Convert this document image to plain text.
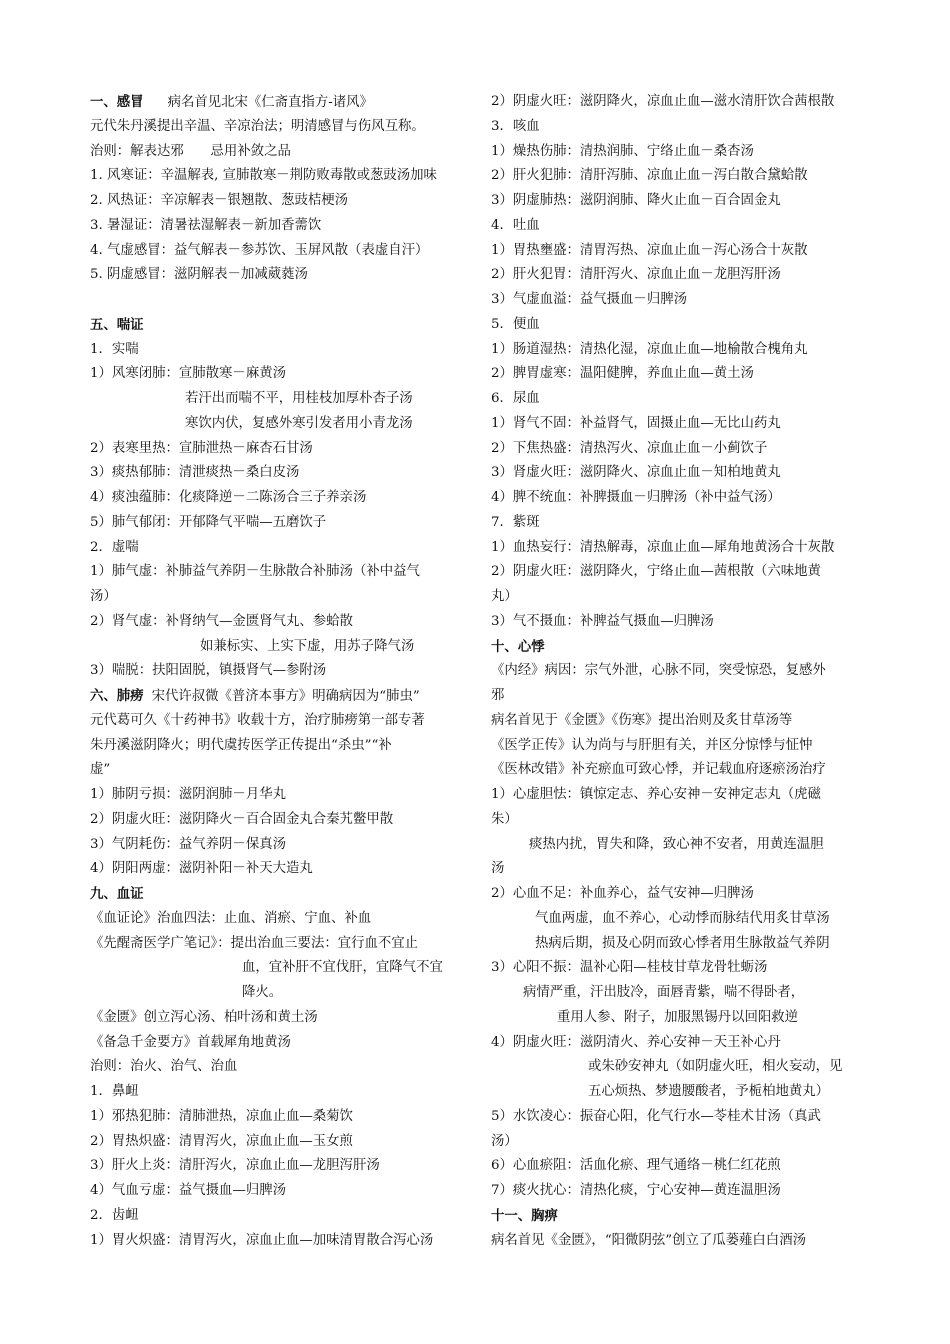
一、感冒 病名首见北宋《仁斋直指方-诸风》
元代朱丹溪提出辛温、辛凉治法；明清感冒与伤风互称。
治则：解表达邪　　忌用补敛之品
1. 风寒证：辛温解表, 宣肺散寒－荆防败毒散或葱豉汤加味
2. 风热证：辛凉解表－银翘散、葱豉桔梗汤
3. 暑湿证：清暑祛湿解表－新加香薷饮
4. 气虚感冒：益气解表－参苏饮、玉屏风散（表虚自汗）
5. 阴虚感冒：滋阴解表－加减葳蕤汤
五、喘证
1．实喘
1）风寒闭肺：宣肺散寒－麻黄汤
若汗出而喘不平，用桂枝加厚朴杏子汤
寒饮内伏，复感外寒引发者用小青龙汤
2）表寒里热：宣肺泄热－麻杏石甘汤
3）痰热郁肺：清泄痰热－桑白皮汤
4）痰浊蕴肺：化痰降逆－二陈汤合三子养亲汤
5）肺气郁闭：开郁降气平喘—五磨饮子
2．虚喘
1）肺气虚：补肺益气养阴－生脉散合补肺汤（补中益气
汤）
2）肾气虚：补肾纳气—金匮肾气丸、参蛤散
如兼标实、上实下虚，用苏子降气汤
3）喘脱：扶阳固脱，镇摄肾气—参附汤
六、肺痨 宋代许叔微《普济本事方》明确病因为“肺虫”
元代葛可久《十药神书》收载十方，治疗肺痨第一部专著
朱丹溪滋阴降火；明代虞抟医学正传提出“杀虫”“补
虚”
1）肺阴亏损：滋阴润肺－月华丸
2）阴虚火旺：滋阴降火－百合固金丸合秦艽鳖甲散
3）气阴耗伤：益气养阴－保真汤
4）阴阳两虚：滋阴补阳－补天大造丸
九、血证
《血证论》治血四法：止血、消瘀、宁血、补血
《先醒斋医学广笔记》：提出治血三要法：宜行血不宜止
血，宜补肝不宜伐肝，宜降气不宜
降火。
《金匮》创立泻心汤、柏叶汤和黄土汤
《备急千金要方》首载犀角地黄汤
治则：治火、治气、治血
1．鼻衄
1）邪热犯肺：清肺泄热，凉血止血—桑菊饮
2）胃热炽盛：清胃泻火，凉血止血—玉女煎
3）肝火上炎：清肝泻火，凉血止血—龙胆泻肝汤
4）气血亏虚：益气摄血—归脾汤
2．齿衄
1）胃火炽盛：清胃泻火，凉血止血—加味清胃散合泻心汤
2）阴虚火旺：滋阴降火，凉血止血—滋水清肝饮合茜根散
3．咳血
1）燥热伤肺：清热润肺、宁络止血－桑杏汤
2）肝火犯肺：清肝泻肺、凉血止血－泻白散合黛蛤散
3）阴虚肺热：滋阴润肺、降火止血－百合固金丸
4．吐血
1）胃热壅盛：清胃泻热、凉血止血－泻心汤合十灰散
2）肝火犯胃：清肝泻火、凉血止血－龙胆泻肝汤
3）气虚血溢：益气摄血－归脾汤
5．便血
1）肠道湿热：清热化湿，凉血止血—地榆散合槐角丸
2）脾胃虚寒：温阳健脾，养血止血—黄土汤
6．尿血
1）肾气不固：补益肾气，固摄止血—无比山药丸
2）下焦热盛：清热泻火、凉血止血－小蓟饮子
3）肾虚火旺：滋阴降火、凉血止血－知柏地黄丸
4）脾不统血：补脾摄血－归脾汤（补中益气汤）
7．紫斑
1）血热妄行：清热解毒，凉血止血—犀角地黄汤合十灰散
2）阴虚火旺：滋阴降火，宁络止血—茜根散（六味地黄
丸）
3）气不摄血：补脾益气摄血—归脾汤
十、心悸
《内经》病因：宗气外泄，心脉不同，突受惊恐，复感外
邪
病名首见于《金匮》《伤寒》提出治则及炙甘草汤等
《医学正传》认为尚与与肝胆有关，并区分惊悸与怔忡
《医林改错》补充瘀血可致心悸，并记载血府逐瘀汤治疗
1）心虚胆怯：镇惊定志、养心安神－安神定志丸（虎磁
朱）
痰热内扰，胃失和降，致心神不安者，用黄连温胆
汤
2）心血不足：补血养心，益气安神—归脾汤
气血两虚，血不养心，心动悸而脉结代用炙甘草汤
热病后期，损及心阴而致心悸者用生脉散益气养阴
3）心阳不振：温补心阳—桂枝甘草龙骨牡蛎汤
病情严重，汗出肢冷，面唇青紫，喘不得卧者，
重用人参、附子，加服黑锡丹以回阳救逆
4）阴虚火旺：滋阴清火、养心安神－天王补心丹
或朱砂安神丸（如阴虚火旺，相火妄动，见
五心烦热、梦遗腰酸者，予栀柏地黄丸）
5）水饮凌心：振奋心阳，化气行水—苓桂术甘汤（真武
汤）
6）心血瘀阻：活血化瘀、理气通络－桃仁红花煎
7）痰火扰心：清热化痰，宁心安神—黄连温胆汤
十一、胸痹
病名首见《金匮》，“阳微阴弦”创立了瓜蒌薤白白酒汤
